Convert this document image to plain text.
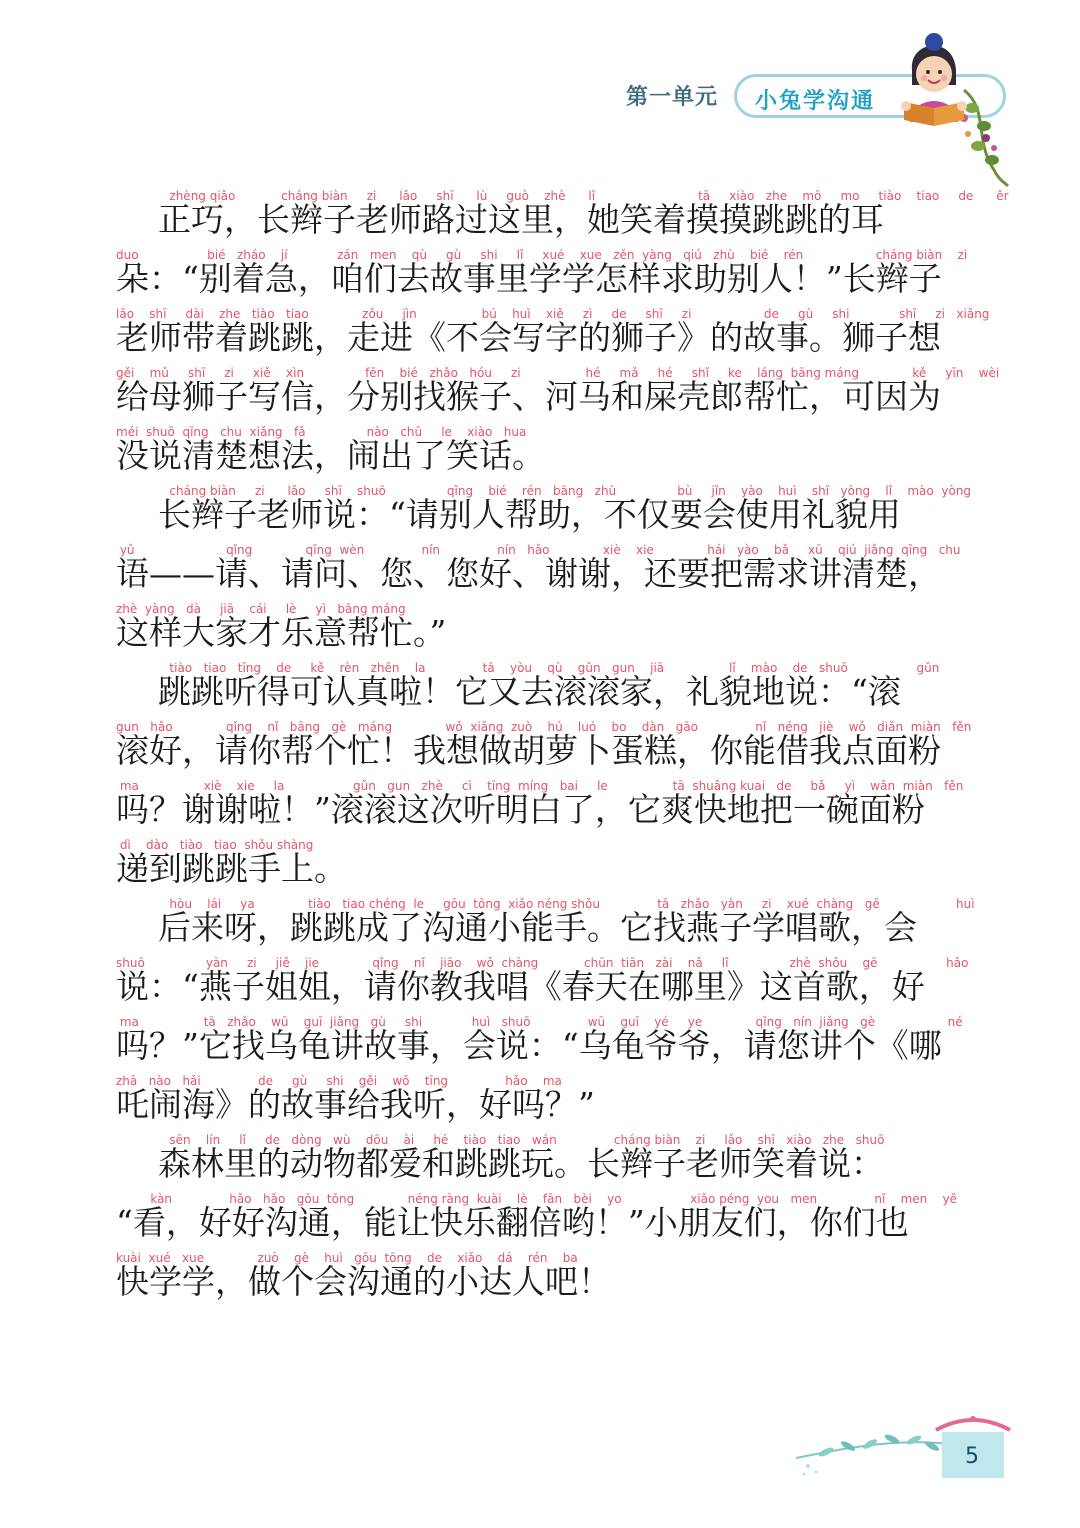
第一单元 小兔学沟通
zhèng qiǎo            cháng biàn     zi      lǎo     shī      lù     guò    zhè      lǐ                           tā     xiào   zhe    mō     mo     tiào    tiao     de      ěr
正巧，长辫子老师路过这里，她笑着摸摸跳跳的耳
duo                  bié   zháo    jí             zán   men    qù     gù     shi     lǐ     xué    xue   zěn  yàng   qiú   zhù    bié    rén                   cháng biàn    zi
朵：“别着急，咱们去故事里学学怎样求助别人！”长辫子
lǎo    shī     dài    zhe   tiào   tiao              zǒu     jìn                 bú    huì    xiě     zì     de     shī     zi                   de     gù     shi             shī     zi   xiǎng
老师带着跳跳，走进《不会写字的狮子》的故事。狮子想
gěi    mǔ     shī     zi     xiě    xìn                fēn    bié   zhǎo   hóu     zi                 hé     mǎ     hé     shǐ     ke    láng  bāng máng              kě     yīn    wèi
给母狮子写信，分别找猴子、河马和屎壳郎帮忙，可因为
méi  shuō  qīng   chu  xiǎng   fǎ                nào   chū     le    xiào   hua
没说清楚想法，闹出了笑话。
cháng biàn     zi      lǎo     shī    shuō                qǐng    bié    rén   bāng   zhù                bù     jǐn    yào    huì    shǐ   yòng    lǐ    mào  yòng
长辫子老师说：“请别人帮助，不仅要会使用礼貌用
yǔ                        qǐng              qǐng  wèn               nín               nín   hǎo              xiè    xie              hái   yào    bǎ     xū    qiú  jiǎng  qīng   chu
语——请、请问、您、您好、谢谢，还要把需求讲清楚，
zhè  yàng   dà     jiā    cái     lè     yì   bāng máng
这样大家才乐意帮忙。”
tiào   tiao   tīng    de     kě    rèn   zhēn    la               tā    yòu    qù    gǔn   gun    jiā                 lǐ    mào    de   shuō                  gǔn
跳跳听得可认真啦！它又去滚滚家，礼貌地说：“滚
gun   hǎo              qǐng    nǐ   bāng   gè   máng              wǒ  xiǎng  zuò    hú    luó    bo    dàn   gāo               nǐ   néng   jiè    wǒ   diǎn  miàn   fěn
滚好，请你帮个忙！我想做胡萝卜蛋糕，你能借我点面粉
ma                 xiè    xie     la                  gǔn   gun   zhè     cì    tīng  míng   bai     le                 tā  shuǎng kuai   de     bǎ     yì    wǎn  miàn   fěn
吗？谢谢啦！”滚滚这次听明白了，它爽快地把一碗面粉
dì    dào   tiào   tiao  shǒu shàng
递到跳跳手上。
hòu    lái     ya              tiào   tiao chéng  le     gōu  tōng  xiǎo néng shǒu               tā   zhǎo   yàn     zi    xué  chàng   gē                    huì
后来呀，跳跳成了沟通小能手。它找燕子学唱歌，会
shuō                yàn     zi     jiě    jie              qǐng    nǐ    jiāo    wǒ  chàng            chūn  tiān   zài    nǎ     lǐ                zhè  shǒu    gē                  hǎo
说：“燕子姐姐，请你教我唱《春天在哪里》这首歌，好
ma                 tā   zhǎo    wū    guī  jiǎng   gù     shi             huì   shuō               wū    guī    yé     ye              qǐng   nín  jiǎng   gè                   né
吗？”它找乌龟讲故事，会说：“乌龟爷爷，请您讲个《哪
zhā   nào   hǎi               de     gù     shi    gěi    wǒ    tīng               hǎo    ma
吒闹海》的故事给我听，好吗？”
sēn    lín     lǐ     de   dòng   wù    dōu    ài     hé    tiào   tiao   wán               cháng biàn    zi     lǎo    shī   xiào   zhe   shuō
森林里的动物都爱和跳跳玩。长辫子老师笑着说：
kàn               hǎo   hǎo   gōu  tōng              néng ràng  kuài    lè    fān   bèi    yo                  xiǎo péng  you   men               nǐ    men    yě
“看，好好沟通，能让快乐翻倍哟！”小朋友们，你们也
kuài  xué   xue              zuò    gè    huì   gōu  tōng    de    xiǎo    dá    rén    ba
快学学，做个会沟通的小达人吧！
5
